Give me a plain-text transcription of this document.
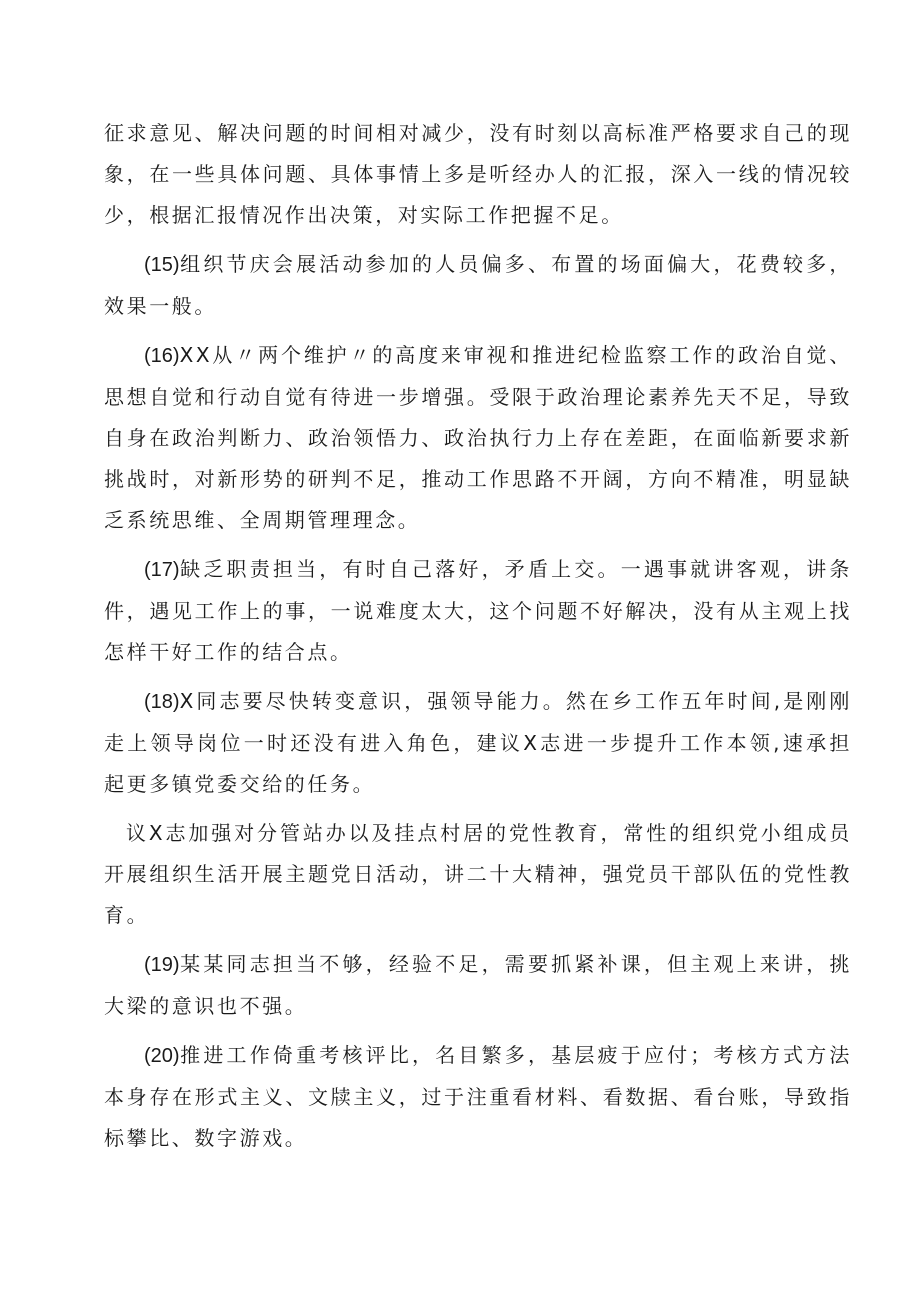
征求意见、解决问题的时间相对减少，没有时刻以高标准严格要求自己的现象，在一些具体问题、具体事情上多是听经办人的汇报，深入一线的情况较少，根据汇报情况作出决策，对实际工作把握不足。

(15)组织节庆会展活动参加的人员偏多、布置的场面偏大，花费较多，效果一般。

(16)XX从〃两个维护〃的高度来审视和推进纪检监察工作的政治自觉、思想自觉和行动自觉有待进一步增强。受限于政治理论素养先天不足，导致自身在政治判断力、政治领悟力、政治执行力上存在差距，在面临新要求新挑战时，对新形势的研判不足，推动工作思路不开阔，方向不精准，明显缺乏系统思维、全周期管理理念。

(17)缺乏职责担当，有时自己落好，矛盾上交。一遇事就讲客观，讲条件，遇见工作上的事，一说难度太大，这个问题不好解决，没有从主观上找怎样干好工作的结合点。

(18)X同志要尽快转变意识，强领导能力。然在乡工作五年时间,是刚刚走上领导岗位一时还没有进入角色，建议X志进一步提升工作本领,速承担起更多镇党委交给的任务。

议X志加强对分管站办以及挂点村居的党性教育，常性的组织党小组成员开展组织生活开展主题党日活动，讲二十大精神，强党员干部队伍的党性教育。

(19)某某同志担当不够，经验不足，需要抓紧补课，但主观上来讲，挑大梁的意识也不强。

(20)推进工作倚重考核评比，名目繁多，基层疲于应付；考核方式方法本身存在形式主义、文牍主义，过于注重看材料、看数据、看台账，导致指标攀比、数字游戏。
